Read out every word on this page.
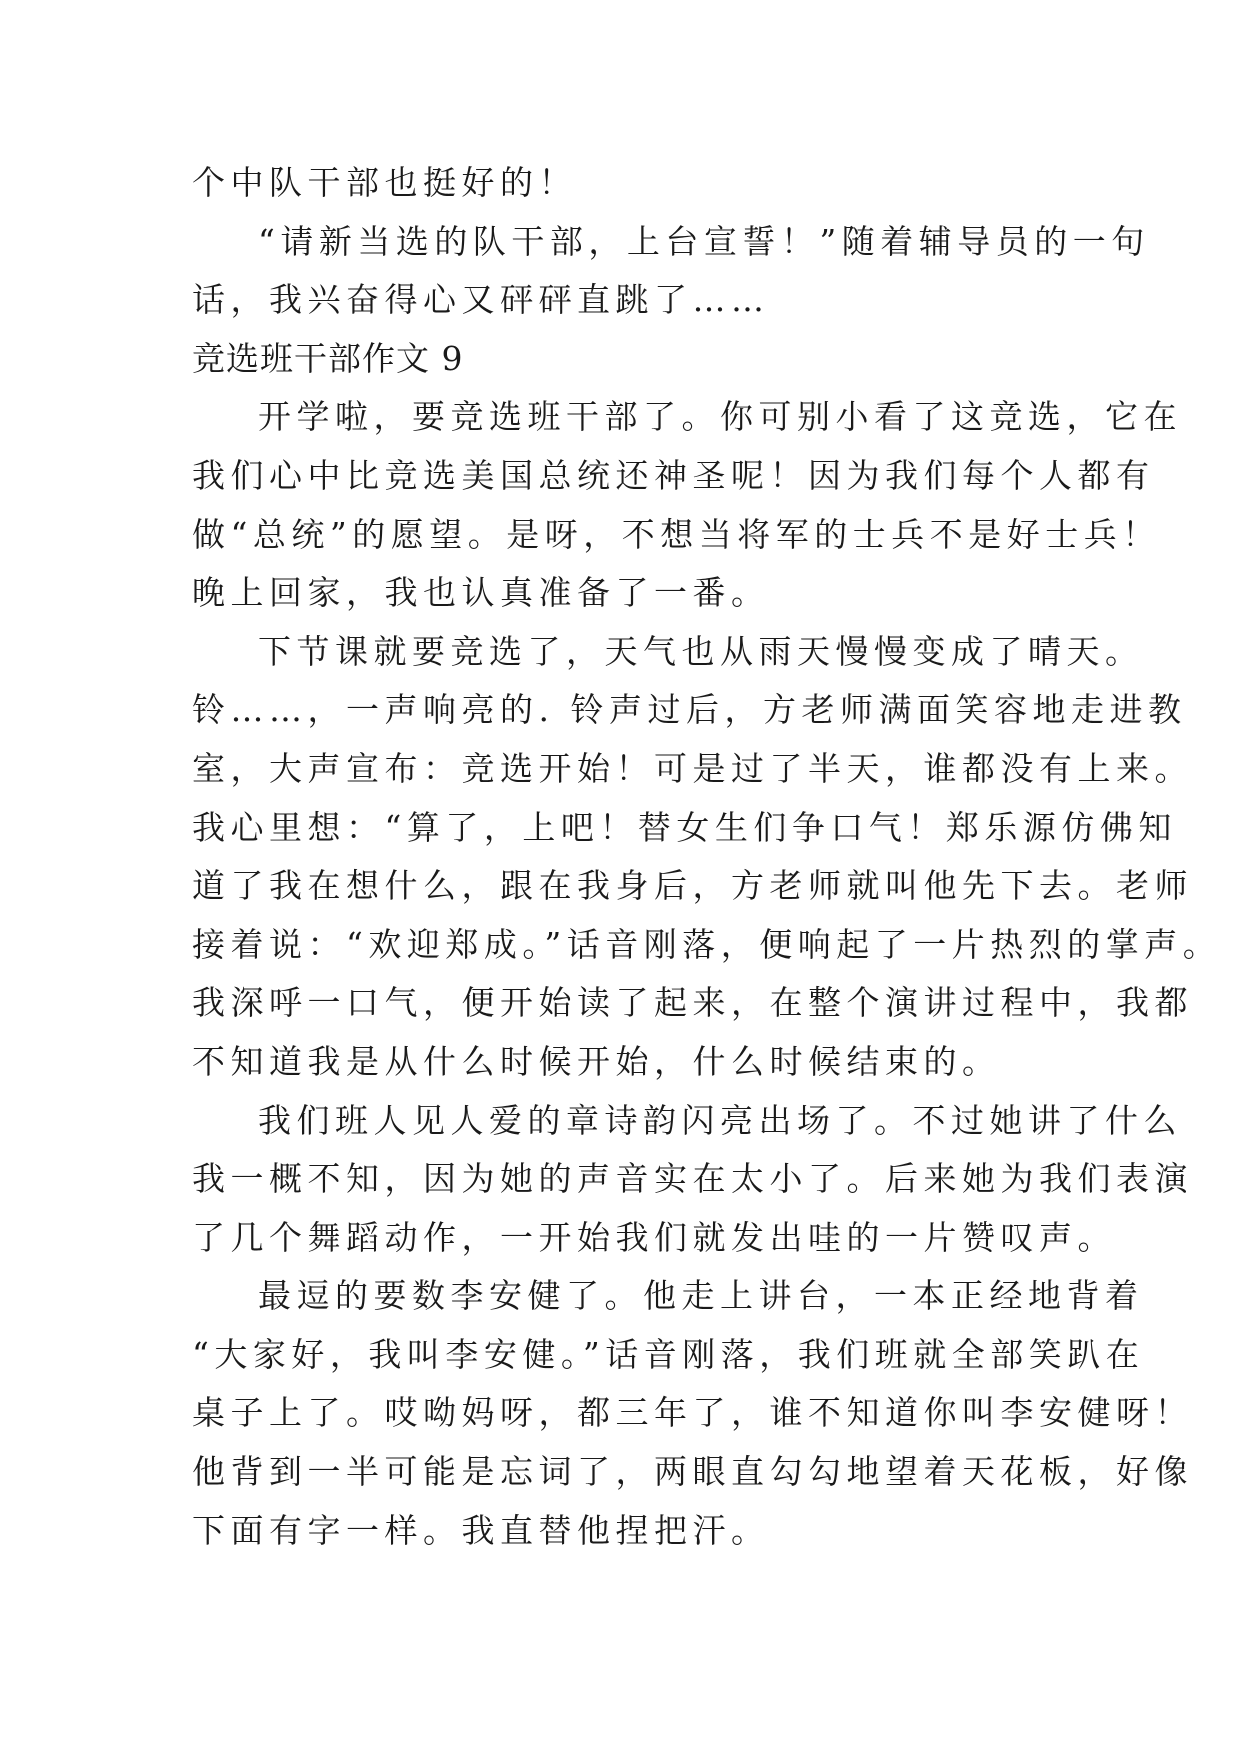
个中队干部也挺好的！
“请新当选的队干部，上台宣誓！”随着辅导员的一句
话，我兴奋得心又砰砰直跳了……
竞选班干部作文 9
开学啦，要竞选班干部了。你可别小看了这竞选，它在
我们心中比竞选美国总统还神圣呢！因为我们每个人都有
做“总统”的愿望。是呀，不想当将军的士兵不是好士兵！
晚上回家，我也认真准备了一番。
下节课就要竞选了，天气也从雨天慢慢变成了晴天。
铃……，一声响亮的. 铃声过后，方老师满面笑容地走进教
室，大声宣布：竞选开始！可是过了半天，谁都没有上来。
我心里想：“算了，上吧！替女生们争口气！郑乐源仿佛知
道了我在想什么，跟在我身后，方老师就叫他先下去。老师
接着说：“欢迎郑成。”话音刚落，便响起了一片热烈的掌声。
我深呼一口气，便开始读了起来，在整个演讲过程中，我都
不知道我是从什么时候开始，什么时候结束的。
我们班人见人爱的章诗韵闪亮出场了。不过她讲了什么
我一概不知，因为她的声音实在太小了。后来她为我们表演
了几个舞蹈动作，一开始我们就发出哇的一片赞叹声。
最逗的要数李安健了。他走上讲台，一本正经地背着
“大家好，我叫李安健。”话音刚落，我们班就全部笑趴在
桌子上了。哎呦妈呀，都三年了，谁不知道你叫李安健呀！
他背到一半可能是忘词了，两眼直勾勾地望着天花板，好像
下面有字一样。我直替他捏把汗。
